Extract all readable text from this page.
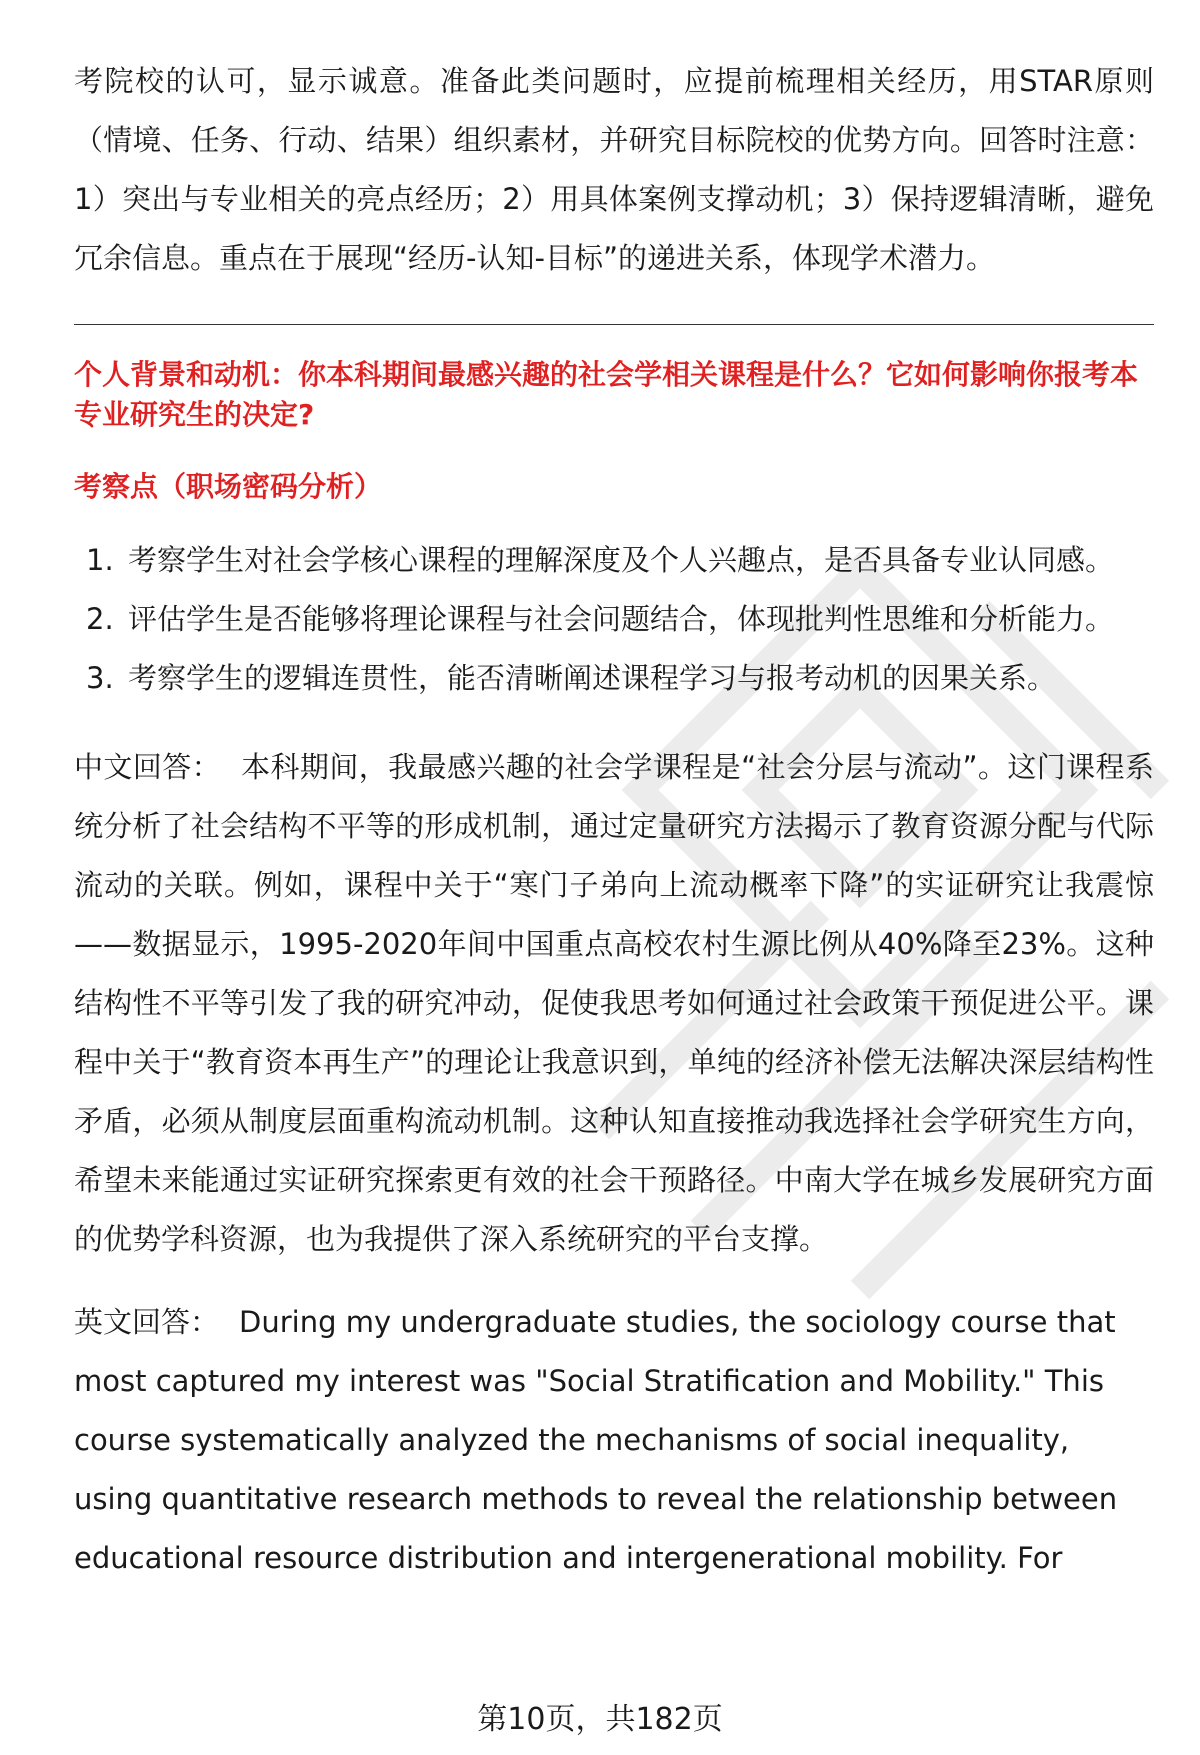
考院校的认可，显示诚意。准备此类问题时，应提前梳理相关经历，用STAR原则（情境、任务、行动、结果）组织素材，并研究目标院校的优势方向。回答时注意：1）突出与专业相关的亮点经历；2）用具体案例支撑动机；3）保持逻辑清晰，避免冗余信息。重点在于展现“经历-认知-目标”的递进关系，体现学术潜力。

个人背景和动机：你本科期间最感兴趣的社会学相关课程是什么？它如何影响你报考本专业研究生的决定?

考察点（职场密码分析）

1. 考察学生对社会学核心课程的理解深度及个人兴趣点，是否具备专业认同感。
2. 评估学生是否能够将理论课程与社会问题结合，体现批判性思维和分析能力。
3. 考察学生的逻辑连贯性，能否清晰阐述课程学习与报考动机的因果关系。

中文回答： 本科期间，我最感兴趣的社会学课程是“社会分层与流动”。这门课程系统分析了社会结构不平等的形成机制，通过定量研究方法揭示了教育资源分配与代际流动的关联。例如，课程中关于“寒门子弟向上流动概率下降”的实证研究让我震惊——数据显示，1995-2020年间中国重点高校农村生源比例从40%降至23%。这种结构性不平等引发了我的研究冲动，促使我思考如何通过社会政策干预促进公平。课程中关于“教育资本再生产”的理论让我意识到，单纯的经济补偿无法解决深层结构性矛盾，必须从制度层面重构流动机制。这种认知直接推动我选择社会学研究生方向，希望未来能通过实证研究探索更有效的社会干预路径。中南大学在城乡发展研究方面的优势学科资源，也为我提供了深入系统研究的平台支撑。

英文回答： During my undergraduate studies, the sociology course that most captured my interest was "Social Stratification and Mobility." This course systematically analyzed the mechanisms of social inequality, using quantitative research methods to reveal the relationship between educational resource distribution and intergenerational mobility. For

第10页，共182页
